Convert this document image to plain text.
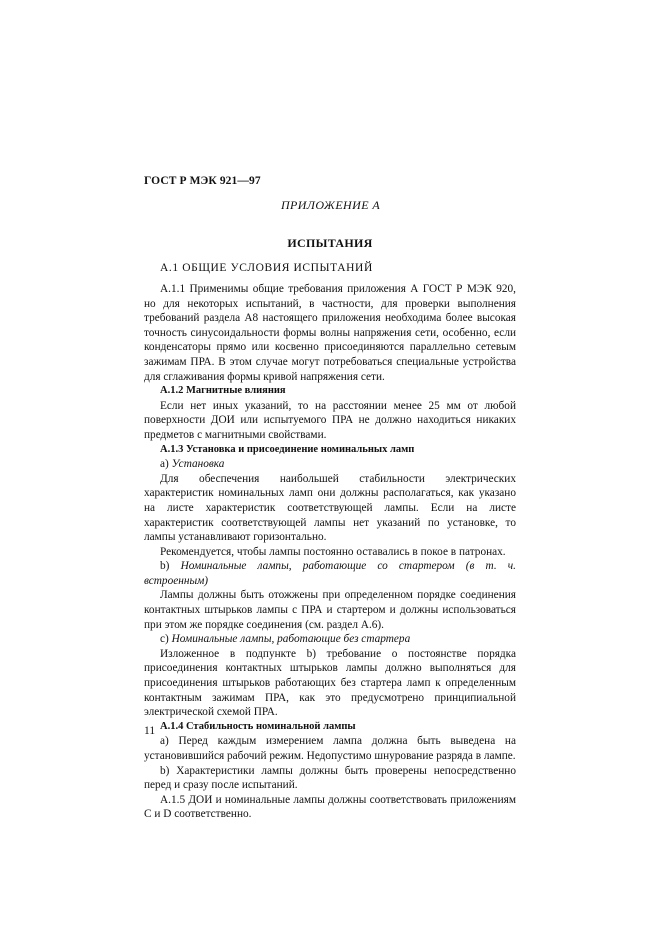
ГОСТ Р МЭК 921—97
ПРИЛОЖЕНИЕ А
ИСПЫТАНИЯ
А.1 ОБЩИЕ УСЛОВИЯ ИСПЫТАНИЙ

А.1.1 Применимы общие требования приложения А ГОСТ Р МЭК 920, но для некоторых испытаний, в частности, для проверки выполнения требований раздела А8 настоящего приложения необходима более высокая точность синусоидальности формы волны напряжения сети, особенно, если конденсаторы прямо или косвенно присоединяются параллельно сетевым зажимам ПРА. В этом случае могут потребоваться специальные устройства для сглаживания формы кривой напряжения сети.

А.1.2 Магнитные влияния

Если нет иных указаний, то на расстоянии менее 25 мм от любой поверхности ДОИ или испытуемого ПРА не должно находиться никаких предметов с магнитными свойствами.

А.1.3 Установка и присоединение номинальных ламп

а) Установка

Для обеспечения наибольшей стабильности электрических характеристик номинальных ламп они должны располагаться, как указано на листе характеристик соответствующей лампы. Если на листе характеристик соответствующей лампы нет указаний по установке, то лампы устанавливают горизонтально.

Рекомендуется, чтобы лампы постоянно оставались в покое в патронах.

b) Номинальные лампы, работающие со стартером (в т. ч. встроенным)

Лампы должны быть отожжены при определенном порядке соединения контактных штырьков лампы с ПРА и стартером и должны использоваться при этом же порядке соединения (см. раздел А.6).

с) Номинальные лампы, работающие без стартера

Изложенное в подпункте b) требование о постоянстве порядка присоединения контактных штырьков лампы должно выполняться для присоединения штырьков работающих без стартера ламп к определенным контактным зажимам ПРА, как это предусмотрено принципиальной электрической схемой ПРА.

А.1.4 Стабильность номинальной лампы

а) Перед каждым измерением лампа должна быть выведена на установившийся рабочий режим. Недопустимо шнурование разряда в лампе.

b) Характеристики лампы должны быть проверены непосредственно перед и сразу после испытаний.

А.1.5 ДОИ и номинальные лампы должны соответствовать приложениям С и D соответственно.

11
